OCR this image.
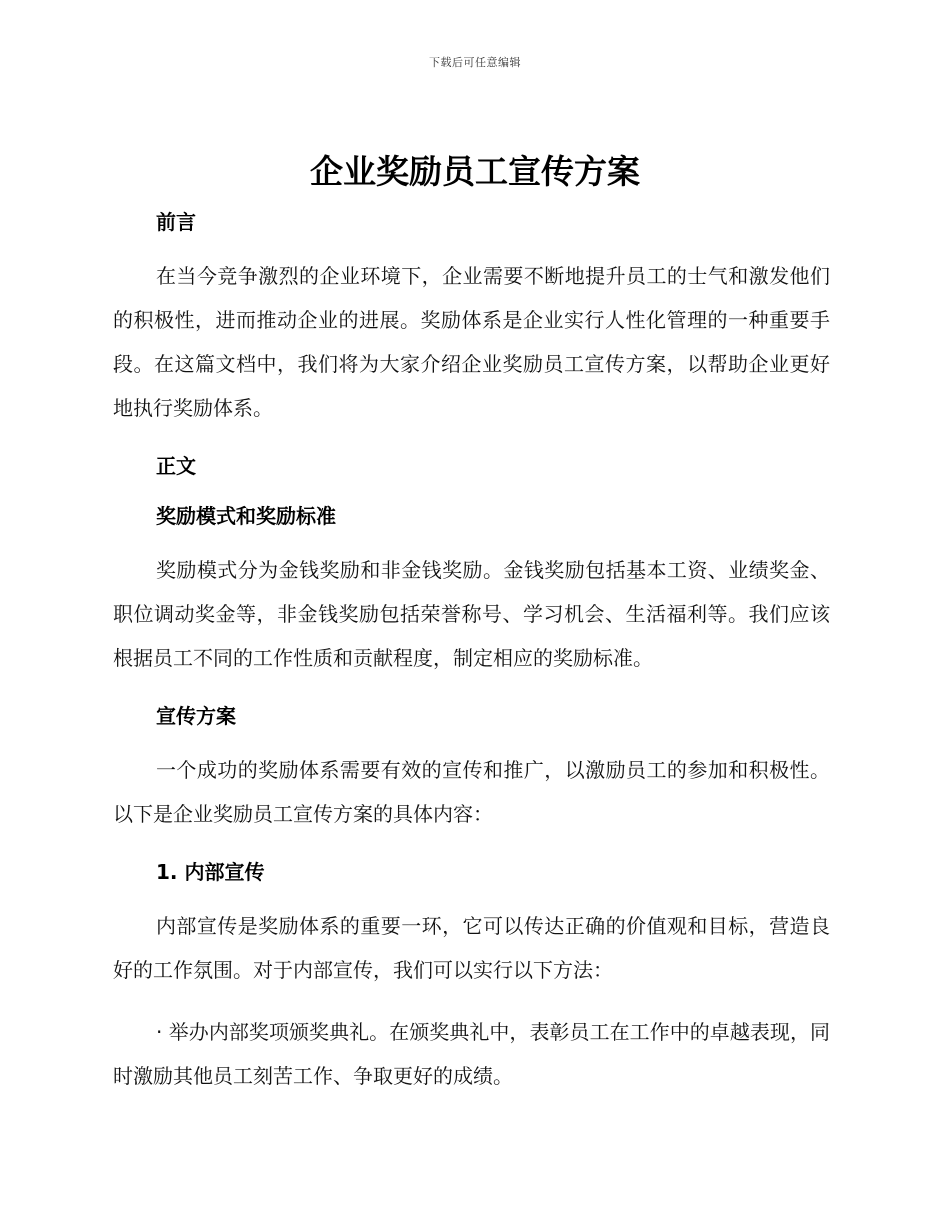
下载后可任意编辑
企业奖励员工宣传方案

前言

在当今竞争激烈的企业环境下，企业需要不断地提升员工的士气和激发他们的积极性，进而推动企业的进展。奖励体系是企业实行人性化管理的一种重要手段。在这篇文档中，我们将为大家介绍企业奖励员工宣传方案，以帮助企业更好地执行奖励体系。

正文

奖励模式和奖励标准

奖励模式分为金钱奖励和非金钱奖励。金钱奖励包括基本工资、业绩奖金、职位调动奖金等，非金钱奖励包括荣誉称号、学习机会、生活福利等。我们应该根据员工不同的工作性质和贡献程度，制定相应的奖励标准。

宣传方案

一个成功的奖励体系需要有效的宣传和推广，以激励员工的参加和积极性。以下是企业奖励员工宣传方案的具体内容：

1. 内部宣传

内部宣传是奖励体系的重要一环，它可以传达正确的价值观和目标，营造良好的工作氛围。对于内部宣传，我们可以实行以下方法：

· 举办内部奖项颁奖典礼。在颁奖典礼中，表彰员工在工作中的卓越表现，同时激励其他员工刻苦工作、争取更好的成绩。
